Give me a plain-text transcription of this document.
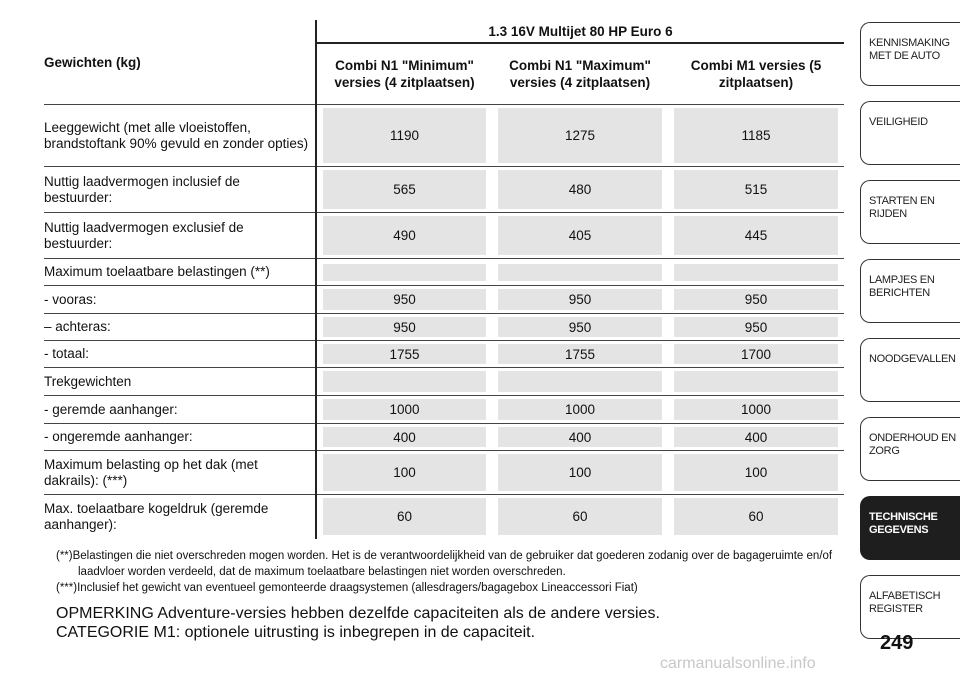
Gewichten (kg)	1.3 16V Multijet 80 HP Euro 6		
	Combi N1 "Minimum" versies (4 zitplaatsen)	Combi N1 "Maximum" versies (4 zitplaatsen)	Combi M1 versies (5 zitplaatsen)
Leeggewicht (met alle vloeistoffen, brandstoftank 90% gevuld en zonder opties)	1190	1275	1185

Nuttig laadvermogen inclusief de bestuurder:	565	480	515

Nuttig laadvermogen exclusief de bestuurder:	490	405	445

Maximum toelaatbare belastingen (**)	

- vooras:	950	950	950

– achteras:	950	950	950

- totaal:	1755	1755	1700

Trekgewichten	

- geremde aanhanger:	1000	1000	1000

- ongeremde aanhanger:	400	400	400

Maximum belasting op het dak (met dakrails): (***)	100	100	100

Max. toelaatbare kogeldruk (geremde aanhanger):	60	60	60

(**)Belastingen die niet overschreden mogen worden. Het is de verantwoordelijkheid van de gebruiker dat goederen zodanig over de bagageruimte en/of laadvloer worden verdeeld, dat de maximum toelaatbare belastingen niet worden overschreden.

(***)Inclusief het gewicht van eventueel gemonteerde draagsystemen (allesdragers/bagagebox Lineaccessori Fiat)

OPMERKING Adventure-versies hebben dezelfde capaciteiten als de andere versies.
CATEGORIE M1: optionele uitrusting is inbegrepen in de capaciteit.
KENNISMAKING MET DE AUTO
VEILIGHEID
STARTEN EN RIJDEN
LAMPJES EN BERICHTEN
NOODGEVALLEN
ONDERHOUD EN ZORG
TECHNISCHE GEGEVENS
ALFABETISCH REGISTER
249
carmanualsonline.info
